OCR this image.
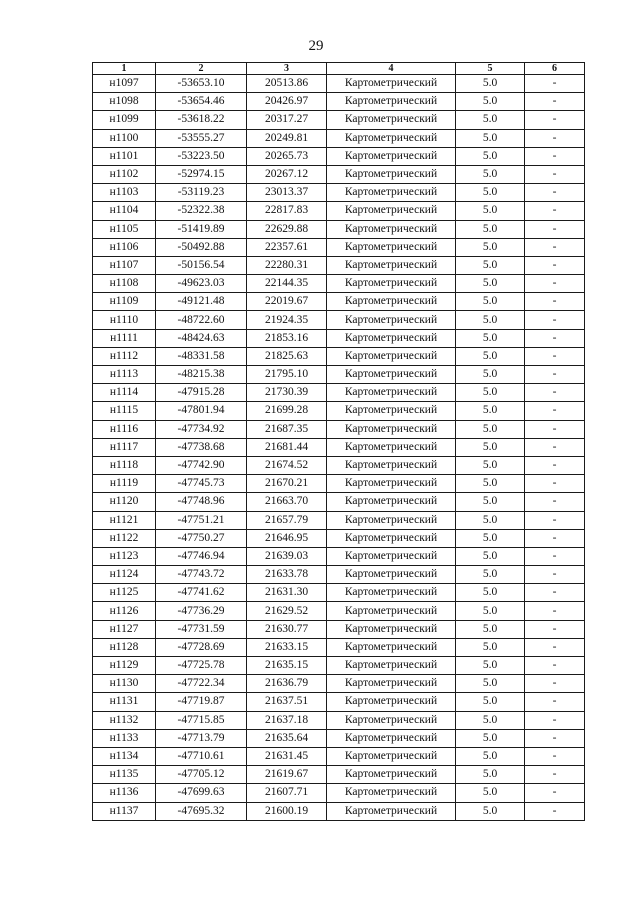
29
1	2	3	4	5	6
н1097	-53653.10	20513.86	Картометрический	5.0	-
н1098	-53654.46	20426.97	Картометрический	5.0	-
н1099	-53618.22	20317.27	Картометрический	5.0	-
н1100	-53555.27	20249.81	Картометрический	5.0	-
н1101	-53223.50	20265.73	Картометрический	5.0	-
н1102	-52974.15	20267.12	Картометрический	5.0	-
н1103	-53119.23	23013.37	Картометрический	5.0	-
н1104	-52322.38	22817.83	Картометрический	5.0	-
н1105	-51419.89	22629.88	Картометрический	5.0	-
н1106	-50492.88	22357.61	Картометрический	5.0	-
н1107	-50156.54	22280.31	Картометрический	5.0	-
н1108	-49623.03	22144.35	Картометрический	5.0	-
н1109	-49121.48	22019.67	Картометрический	5.0	-
н1110	-48722.60	21924.35	Картометрический	5.0	-
н1111	-48424.63	21853.16	Картометрический	5.0	-
н1112	-48331.58	21825.63	Картометрический	5.0	-
н1113	-48215.38	21795.10	Картометрический	5.0	-
н1114	-47915.28	21730.39	Картометрический	5.0	-
н1115	-47801.94	21699.28	Картометрический	5.0	-
н1116	-47734.92	21687.35	Картометрический	5.0	-
н1117	-47738.68	21681.44	Картометрический	5.0	-
н1118	-47742.90	21674.52	Картометрический	5.0	-
н1119	-47745.73	21670.21	Картометрический	5.0	-
н1120	-47748.96	21663.70	Картометрический	5.0	-
н1121	-47751.21	21657.79	Картометрический	5.0	-
н1122	-47750.27	21646.95	Картометрический	5.0	-
н1123	-47746.94	21639.03	Картометрический	5.0	-
н1124	-47743.72	21633.78	Картометрический	5.0	-
н1125	-47741.62	21631.30	Картометрический	5.0	-
н1126	-47736.29	21629.52	Картометрический	5.0	-
н1127	-47731.59	21630.77	Картометрический	5.0	-
н1128	-47728.69	21633.15	Картометрический	5.0	-
н1129	-47725.78	21635.15	Картометрический	5.0	-
н1130	-47722.34	21636.79	Картометрический	5.0	-
н1131	-47719.87	21637.51	Картометрический	5.0	-
н1132	-47715.85	21637.18	Картометрический	5.0	-
н1133	-47713.79	21635.64	Картометрический	5.0	-
н1134	-47710.61	21631.45	Картометрический	5.0	-
н1135	-47705.12	21619.67	Картометрический	5.0	-
н1136	-47699.63	21607.71	Картометрический	5.0	-
н1137	-47695.32	21600.19	Картометрический	5.0	-
